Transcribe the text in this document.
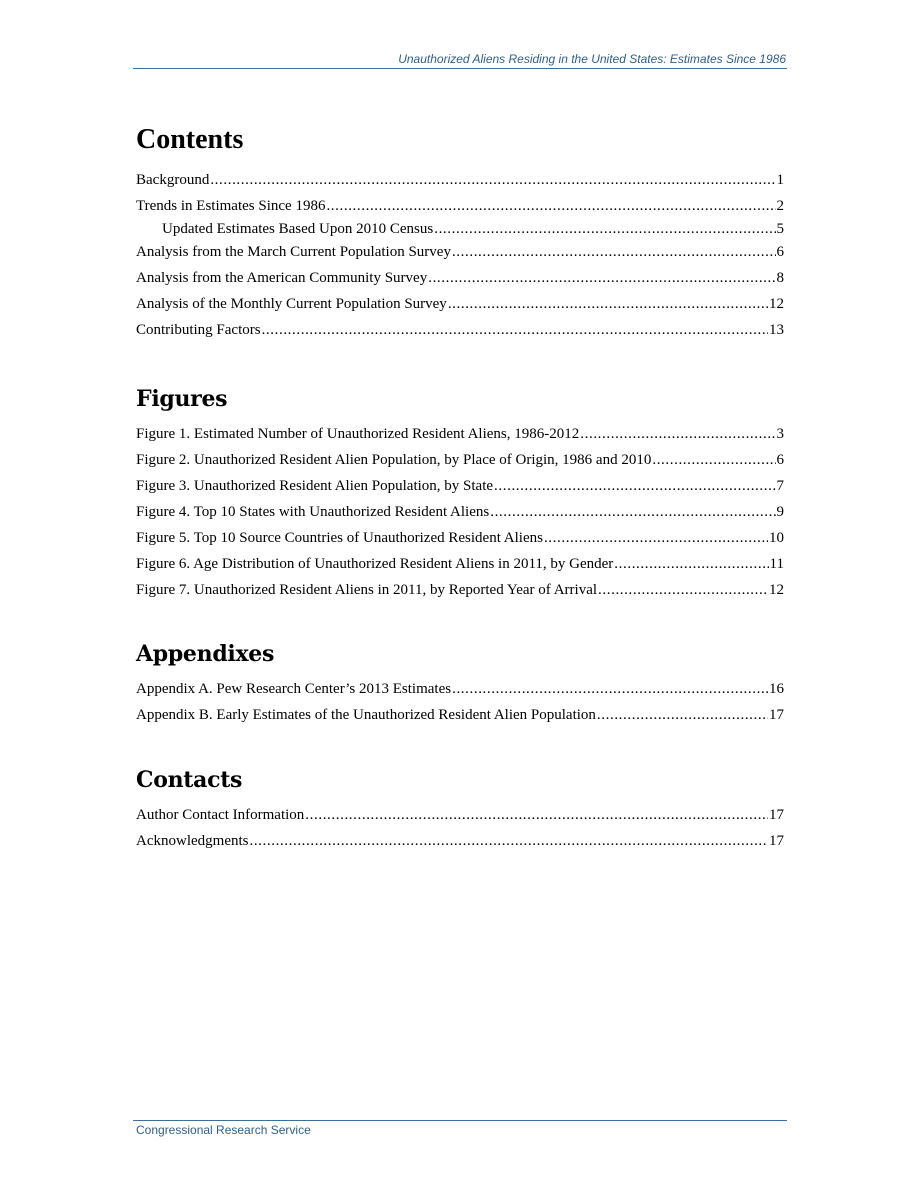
Unauthorized Aliens Residing in the United States: Estimates Since 1986
Contents
Background .....	1
Trends in Estimates Since 1986 .....	2
Updated Estimates Based Upon 2010 Census .....	5
Analysis from the March Current Population Survey .....	6
Analysis from the American Community Survey .....	8
Analysis of the Monthly Current Population Survey .....	12
Contributing Factors .....	13
Figures
Figure 1. Estimated Number of Unauthorized Resident Aliens, 1986-2012 .....	3
Figure 2. Unauthorized Resident Alien Population, by Place of Origin, 1986 and 2010 .....	6
Figure 3. Unauthorized Resident Alien Population, by State .....	7
Figure 4. Top 10 States with Unauthorized Resident Aliens .....	9
Figure 5. Top 10 Source Countries of Unauthorized Resident Aliens .....	10
Figure 6. Age Distribution of Unauthorized Resident Aliens in 2011, by Gender .....	11
Figure 7. Unauthorized Resident Aliens in 2011, by Reported Year of Arrival .....	12
Appendixes
Appendix A. Pew Research Center’s 2013 Estimates .....	16
Appendix B. Early Estimates of the Unauthorized Resident Alien Population .....	17
Contacts
Author Contact Information .....	17
Acknowledgments .....	17
Congressional Research Service
